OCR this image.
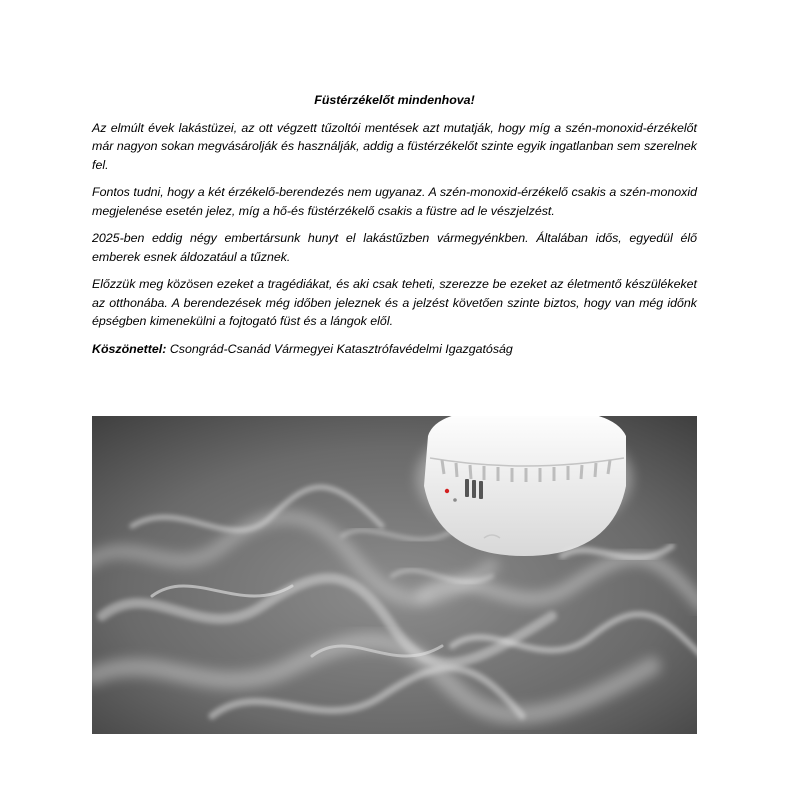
Füstérzékelőt mindenhova!

Az elmúlt évek lakástüzei, az ott végzett tűzoltói mentések azt mutatják, hogy míg a szén-monoxid-érzékelőt már nagyon sokan megvásárolják és használják, addig a füstérzékelőt szinte egyik ingatlanban sem szerelnek fel.

Fontos tudni, hogy a két érzékelő-berendezés nem ugyanaz. A szén-monoxid-érzékelő csakis a szén-monoxid megjelenése esetén jelez, míg a hő-és füstérzékelő csakis a füstre ad le vészjelzést.

2025-ben eddig négy embertársunk hunyt el lakástűzben vármegyénkben. Általában idős, egyedül élő emberek esnek áldozatául a tűznek.

Előzzük meg közösen ezeket a tragédiákat, és aki csak teheti, szerezze be ezeket az életmentő készülékeket az otthonába. A berendezések még időben jeleznek és a jelzést követően szinte biztos, hogy van még időnk épségben kimenekülni a fojtogató füst és a lángok elől.

Köszönettel: Csongrád-Csanád Vármegyei Katasztrófavédelmi Igazgatóság
